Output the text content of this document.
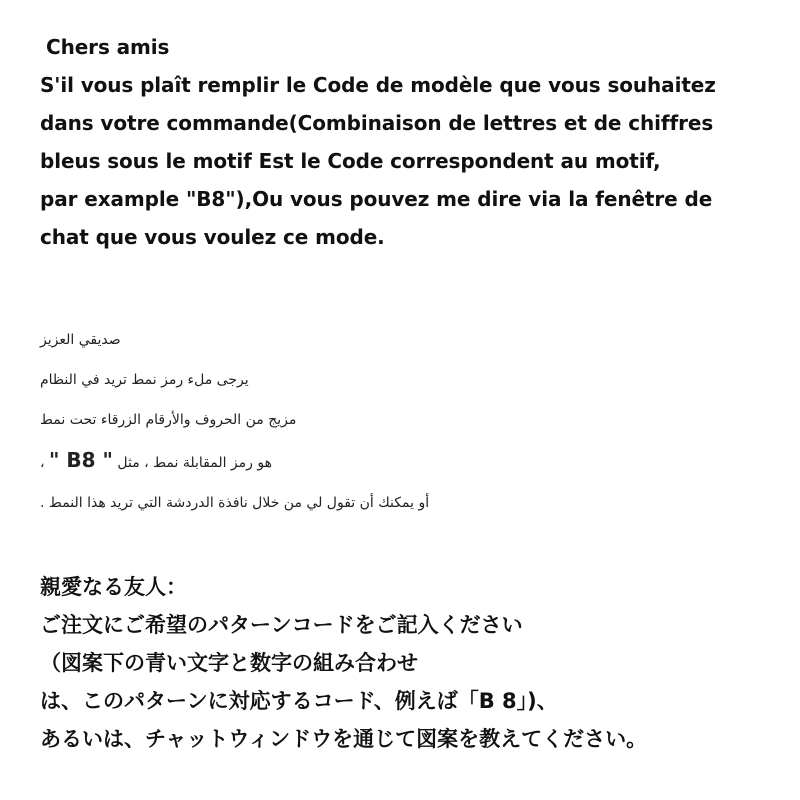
Chers amis
S'il vous plaît remplir le Code de modèle que vous souhaitez
dans votre commande(Combinaison de lettres et de chiffres
bleus sous le motif Est le Code correspondent au motif,
par example "B8"),Ou vous pouvez me dire via la fenêtre de
chat que vous voulez ce mode.
صديقي العزيز
يرجى ملء رمز نمط تريد في النظام
مزيج من الحروف والأرقام الزرقاء تحت نمط
هو رمز المقابلة نمط ، مثل " B8 " ،
أو يمكنك أن تقول لي من خلال نافذة الدردشة التي تريد هذا النمط .
親愛なる友人：
ご注文にご希望のパターンコードをご記入ください
（図案下の青い文字と数字の組み合わせ
は、このパターンに対応するコード、例えば「B 8」)、
あるいは、チャットウィンドウを通じて図案を教えてください。
